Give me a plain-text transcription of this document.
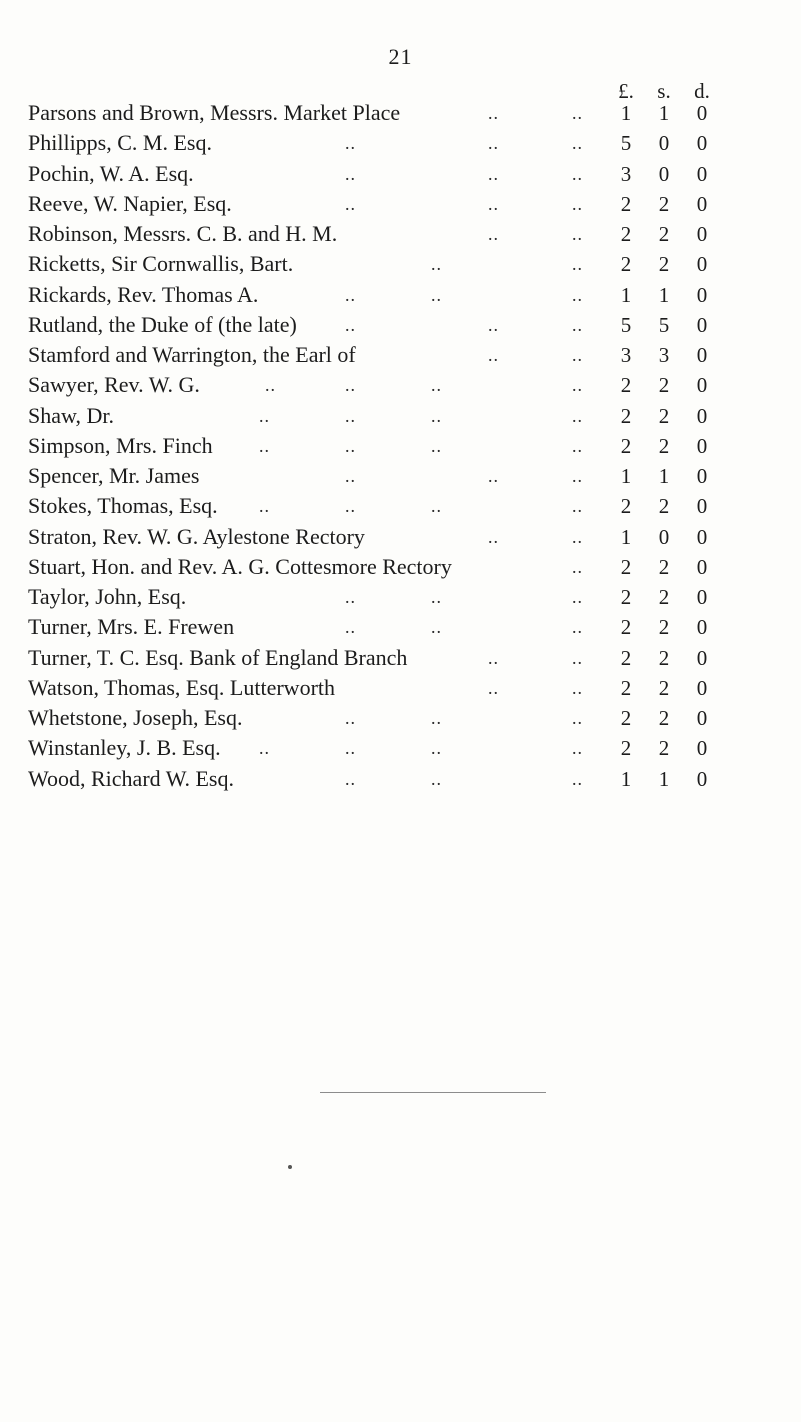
21
£.	s.	d.
Parsons and Brown, Messrs. Market Place	..	..	1	1	0
Phillipps, C. M. Esq.	..	..	..	5	0	0
Pochin, W. A. Esq.	..	..	..	3	0	0
Reeve, W. Napier, Esq.	..	..	..	2	2	0
Robinson, Messrs. C. B. and H. M.	..	..	2	2	0
Ricketts, Sir Cornwallis, Bart.	..	..	2	2	0
Rickards, Rev. Thomas A.	..	..	..	1	1	0
Rutland, the Duke of (the late)	..	..	..	5	5	0
Stamford and Warrington, the Earl of	..	..	3	3	0
Sawyer, Rev. W. G.	..	..	..	..	2	2	0
Shaw, Dr.	..	..	..	..	2	2	0
Simpson, Mrs. Finch	..	..	..	..	2	2	0
Spencer, Mr. James	..	..	..	1	1	0
Stokes, Thomas, Esq. ..	..	..	..	2	2	0
Straton, Rev. W. G. Aylestone Rectory	..	..	1	0	0
Stuart, Hon. and Rev. A. G. Cottesmore Rectory	..	2	2	0
Taylor, John, Esq.	..	..	..	2	2	0
Turner, Mrs. E. Frewen	..	..	..	2	2	0
Turner, T. C. Esq. Bank of England Branch	..	..	2	2	0
Watson, Thomas, Esq. Lutterworth	..	..	2	2	0
Whetstone, Joseph, Esq.	..	..	..	2	2	0
Winstanley, J. B. Esq. ..	..	..	..	2	2	0
Wood, Richard W. Esq.	..	..	..	1	1	0
